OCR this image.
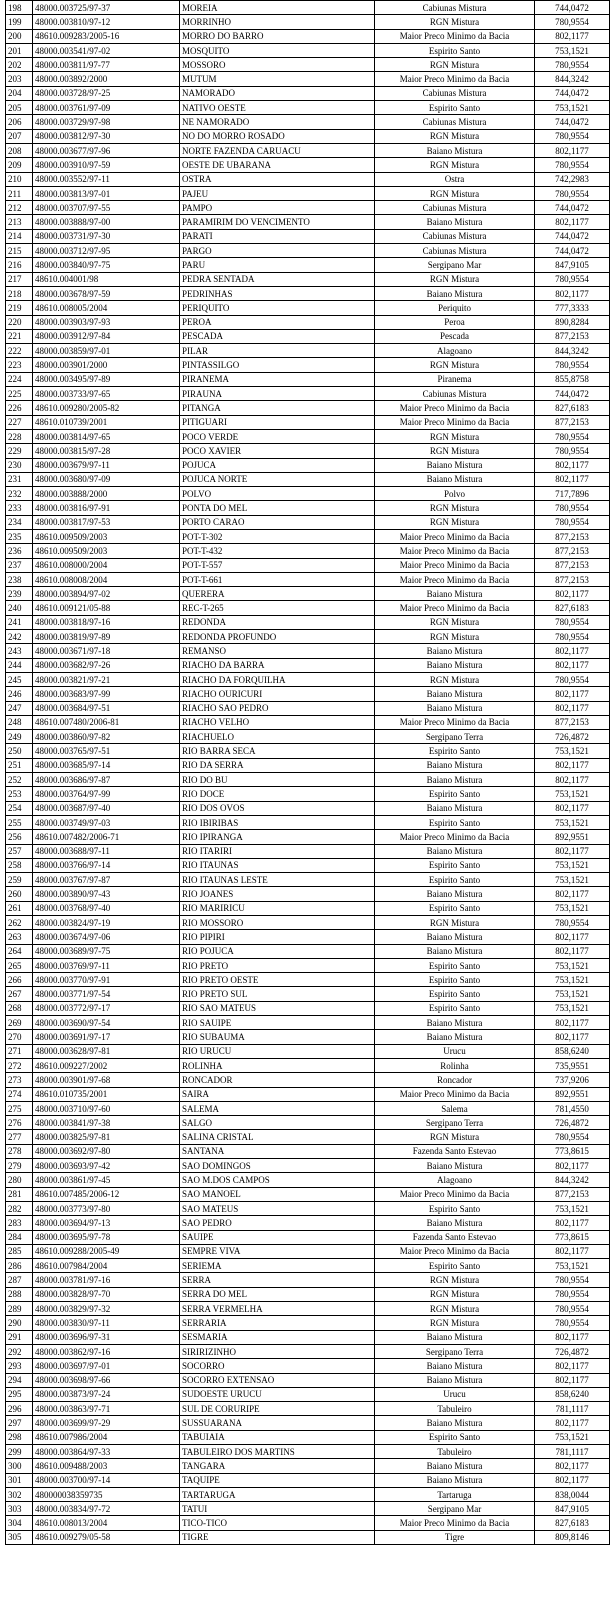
198	48000.003725/97-37	MOREIA	Cabiunas Mistura	744,0472
199	48000.003810/97-12	MORRINHO	RGN Mistura	780,9554
200	48610.009283/2005-16	MORRO DO BARRO	Maior Preco Minimo da Bacia	802,1177
201	48000.003541/97-02	MOSQUITO	Espirito Santo	753,1521
202	48000.003811/97-77	MOSSORO	RGN Mistura	780,9554
203	48000.003892/2000	MUTUM	Maior Preco Minimo da Bacia	844,3242
204	48000.003728/97-25	NAMORADO	Cabiunas Mistura	744,0472
205	48000.003761/97-09	NATIVO OESTE	Espirito Santo	753,1521
206	48000.003729/97-98	NE NAMORADO	Cabiunas Mistura	744,0472
207	48000.003812/97-30	NO DO MORRO ROSADO	RGN Mistura	780,9554
208	48000.003677/97-96	NORTE FAZENDA CARUACU	Baiano Mistura	802,1177
209	48000.003910/97-59	OESTE DE UBARANA	RGN Mistura	780,9554
210	48000.003552/97-11	OSTRA	Ostra	742,2983
211	48000.003813/97-01	PAJEU	RGN Mistura	780,9554
212	48000.003707/97-55	PAMPO	Cabiunas Mistura	744,0472
213	48000.003888/97-00	PARAMIRIM DO VENCIMENTO	Baiano Mistura	802,1177
214	48000.003731/97-30	PARATI	Cabiunas Mistura	744,0472
215	48000.003712/97-95	PARGO	Cabiunas Mistura	744,0472
216	48000.003840/97-75	PARU	Sergipano Mar	847,9105
217	48610.004001/98	PEDRA SENTADA	RGN Mistura	780,9554
218	48000.003678/97-59	PEDRINHAS	Baiano Mistura	802,1177
219	48610.008005/2004	PERIQUITO	Periquito	777,3333
220	48000.003903/97-93	PEROA	Peroa	890,8284
221	48000.003912/97-84	PESCADA	Pescada	877,2153
222	48000.003859/97-01	PILAR	Alagoano	844,3242
223	48000.003901/2000	PINTASSILGO	RGN Mistura	780,9554
224	48000.003495/97-89	PIRANEMA	Piranema	855,8758
225	48000.003733/97-65	PIRAUNA	Cabiunas Mistura	744,0472
226	48610.009280/2005-82	PITANGA	Maior Preco Minimo da Bacia	827,6183
227	48610.010739/2001	PITIGUARI	Maior Preco Minimo da Bacia	877,2153
228	48000.003814/97-65	POCO VERDE	RGN Mistura	780,9554
229	48000.003815/97-28	POCO XAVIER	RGN Mistura	780,9554
230	48000.003679/97-11	POJUCA	Baiano Mistura	802,1177
231	48000.003680/97-09	POJUCA NORTE	Baiano Mistura	802,1177
232	48000.003888/2000	POLVO	Polvo	717,7896
233	48000.003816/97-91	PONTA DO MEL	RGN Mistura	780,9554
234	48000.003817/97-53	PORTO CARAO	RGN Mistura	780,9554
235	48610.009509/2003	POT-T-302	Maior Preco Minimo da Bacia	877,2153
236	48610.009509/2003	POT-T-432	Maior Preco Minimo da Bacia	877,2153
237	48610.008000/2004	POT-T-557	Maior Preco Minimo da Bacia	877,2153
238	48610.008008/2004	POT-T-661	Maior Preco Minimo da Bacia	877,2153
239	48000.003894/97-02	QUERERA	Baiano Mistura	802,1177
240	48610.009121/05-88	REC-T-265	Maior Preco Minimo da Bacia	827,6183
241	48000.003818/97-16	REDONDA	RGN Mistura	780,9554
242	48000.003819/97-89	REDONDA PROFUNDO	RGN Mistura	780,9554
243	48000.003671/97-18	REMANSO	Baiano Mistura	802,1177
244	48000.003682/97-26	RIACHO DA BARRA	Baiano Mistura	802,1177
245	48000.003821/97-21	RIACHO DA FORQUILHA	RGN Mistura	780,9554
246	48000.003683/97-99	RIACHO OURICURI	Baiano Mistura	802,1177
247	48000.003684/97-51	RIACHO SAO PEDRO	Baiano Mistura	802,1177
248	48610.007480/2006-81	RIACHO VELHO	Maior Preco Minimo da Bacia	877,2153
249	48000.003860/97-82	RIACHUELO	Sergipano Terra	726,4872
250	48000.003765/97-51	RIO BARRA SECA	Espirito Santo	753,1521
251	48000.003685/97-14	RIO DA SERRA	Baiano Mistura	802,1177
252	48000.003686/97-87	RIO DO BU	Baiano Mistura	802,1177
253	48000.003764/97-99	RIO DOCE	Espirito Santo	753,1521
254	48000.003687/97-40	RIO DOS OVOS	Baiano Mistura	802,1177
255	48000.003749/97-03	RIO IBIRIBAS	Espirito Santo	753,1521
256	48610.007482/2006-71	RIO IPIRANGA	Maior Preco Minimo da Bacia	892,9551
257	48000.003688/97-11	RIO ITARIRI	Baiano Mistura	802,1177
258	48000.003766/97-14	RIO ITAUNAS	Espirito Santo	753,1521
259	48000.003767/97-87	RIO ITAUNAS LESTE	Espirito Santo	753,1521
260	48000.003890/97-43	RIO JOANES	Baiano Mistura	802,1177
261	48000.003768/97-40	RIO MARIRICU	Espirito Santo	753,1521
262	48000.003824/97-19	RIO MOSSORO	RGN Mistura	780,9554
263	48000.003674/97-06	RIO PIPIRI	Baiano Mistura	802,1177
264	48000.003689/97-75	RIO POJUCA	Baiano Mistura	802,1177
265	48000.003769/97-11	RIO PRETO	Espirito Santo	753,1521
266	48000.003770/97-91	RIO PRETO OESTE	Espirito Santo	753,1521
267	48000.003771/97-54	RIO PRETO SUL	Espirito Santo	753,1521
268	48000.003772/97-17	RIO SAO MATEUS	Espirito Santo	753,1521
269	48000.003690/97-54	RIO SAUIPE	Baiano Mistura	802,1177
270	48000.003691/97-17	RIO SUBAUMA	Baiano Mistura	802,1177
271	48000.003628/97-81	RIO URUCU	Urucu	858,6240
272	48610.009227/2002	ROLINHA	Rolinha	735,9551
273	48000.003901/97-68	RONCADOR	Roncador	737,9206
274	48610.010735/2001	SAIRA	Maior Preco Minimo da Bacia	892,9551
275	48000.003710/97-60	SALEMA	Salema	781,4550
276	48000.003841/97-38	SALGO	Sergipano Terra	726,4872
277	48000.003825/97-81	SALINA CRISTAL	RGN Mistura	780,9554
278	48000.003692/97-80	SANTANA	Fazenda Santo Estevao	773,8615
279	48000.003693/97-42	SAO DOMINGOS	Baiano Mistura	802,1177
280	48000.003861/97-45	SAO M.DOS CAMPOS	Alagoano	844,3242
281	48610.007485/2006-12	SAO MANOEL	Maior Preco Minimo da Bacia	877,2153
282	48000.003773/97-80	SAO MATEUS	Espirito Santo	753,1521
283	48000.003694/97-13	SAO PEDRO	Baiano Mistura	802,1177
284	48000.003695/97-78	SAUIPE	Fazenda Santo Estevao	773,8615
285	48610.009288/2005-49	SEMPRE VIVA	Maior Preco Minimo da Bacia	802,1177
286	48610.007984/2004	SERIEMA	Espirito Santo	753,1521
287	48000.003781/97-16	SERRA	RGN Mistura	780,9554
288	48000.003828/97-70	SERRA DO MEL	RGN Mistura	780,9554
289	48000.003829/97-32	SERRA VERMELHA	RGN Mistura	780,9554
290	48000.003830/97-11	SERRARIA	RGN Mistura	780,9554
291	48000.003696/97-31	SESMARIA	Baiano Mistura	802,1177
292	48000.003862/97-16	SIRIRIZINHO	Sergipano Terra	726,4872
293	48000.003697/97-01	SOCORRO	Baiano Mistura	802,1177
294	48000.003698/97-66	SOCORRO EXTENSAO	Baiano Mistura	802,1177
295	48000.003873/97-24	SUDOESTE URUCU	Urucu	858,6240
296	48000.003863/97-71	SUL DE CORURIPE	Tabuleiro	781,1117
297	48000.003699/97-29	SUSSUARANA	Baiano Mistura	802,1177
298	48610.007986/2004	TABUIAIA	Espirito Santo	753,1521
299	48000.003864/97-33	TABULEIRO DOS MARTINS	Tabuleiro	781,1117
300	48610.009488/2003	TANGARA	Baiano Mistura	802,1177
301	48000.003700/97-14	TAQUIPE	Baiano Mistura	802,1177
302	480000038359735	TARTARUGA	Tartaruga	838,0044
303	48000.003834/97-72	TATUI	Sergipano Mar	847,9105
304	48610.008013/2004	TICO-TICO	Maior Preco Minimo da Bacia	827,6183
305	48610.009279/05-58	TIGRE	Tigre	809,8146
